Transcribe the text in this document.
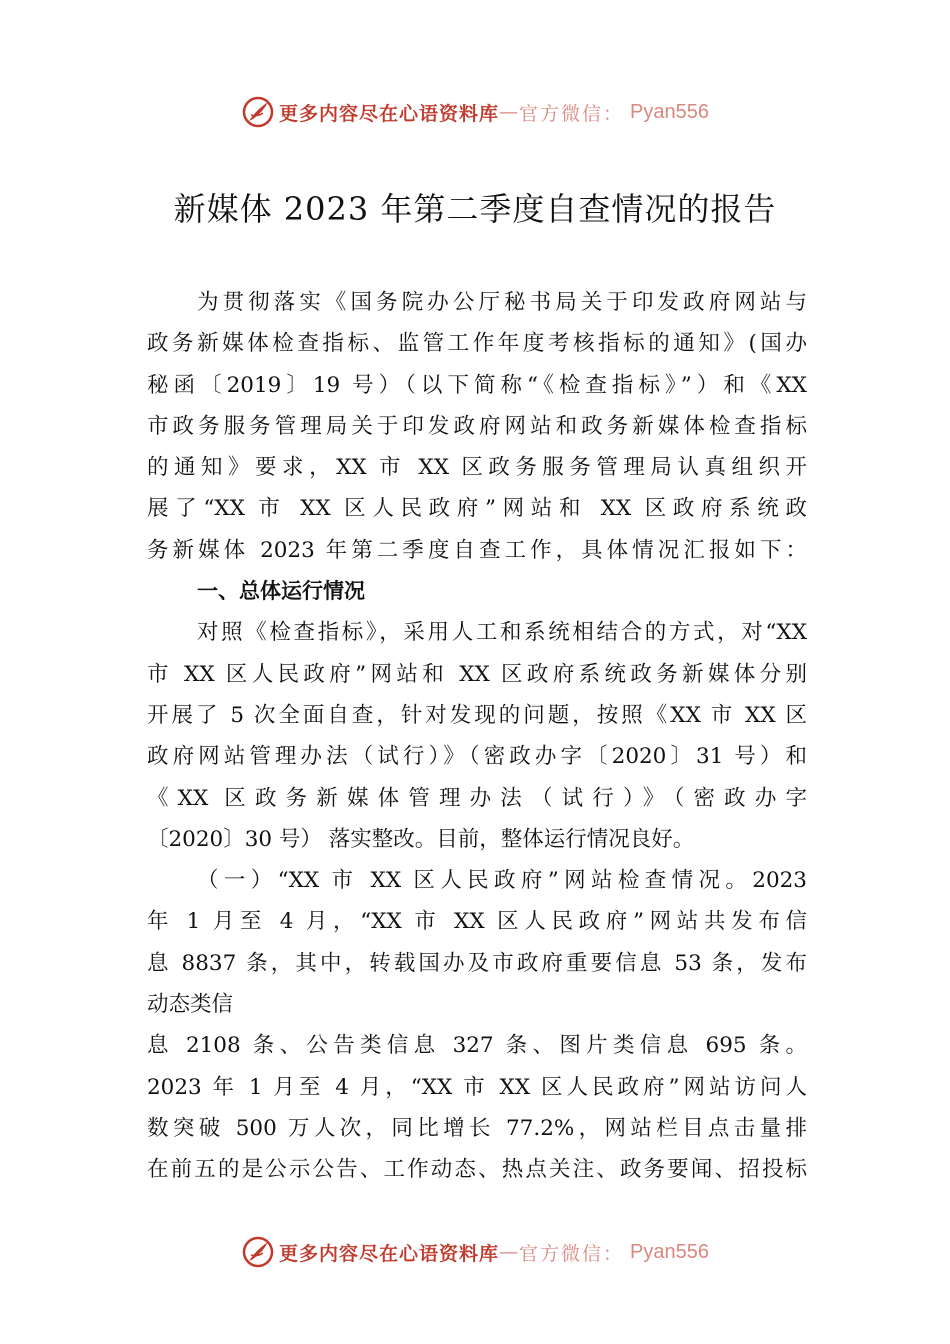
更多内容尽在心语资料库 — 官方微信： Pyan556
新媒体 2023 年第二季度自查情况的报告
为贯彻落实《国务院办公厅秘书局关于印发政府网站与
政务新媒体检查指标、监管工作年度考核指标的通知》(国办
秘函〔2019〕19 号）（以下简称“《检查指标》”）和《XX
市政务服务管理局关于印发政府网站和政务新媒体检查指标
的通知》要求，XX 市 XX 区政务服务管理局认真组织开
展了“XX 市 XX 区人民政府”网站和 XX 区政府系统政
务新媒体 2023 年第二季度自查工作，具体情况汇报如下：
一、总体运行情况
对照《检查指标》，采用人工和系统相结合的方式，对“XX
市 XX 区人民政府”网站和 XX 区政府系统政务新媒体分别
开展了 5 次全面自查，针对发现的问题，按照《XX 市 XX 区
政府网站管理办法（试行）》（密政办字〔2020〕31 号）和
《XX 区政务新媒体管理办法（试行）》（密政办字
〔2020〕30 号） 落实整改。目前，整体运行情况良好。
（一）“XX 市 XX 区人民政府”网站检查情况。2023
年 1 月至 4 月，“XX 市 XX 区人民政府”网站共发布信
息 8837 条，其中，转载国办及市政府重要信息 53 条，发布
动态类信
息 2108 条、公告类信息 327 条、图片类信息 695 条。
2023 年 1 月至 4 月，“XX 市 XX 区人民政府”网站访问人
数突破 500 万人次，同比增长 77.2%，网站栏目点击量排
在前五的是公示公告、工作动态、热点关注、政务要闻、招投标
更多内容尽在心语资料库 — 官方微信： Pyan556
